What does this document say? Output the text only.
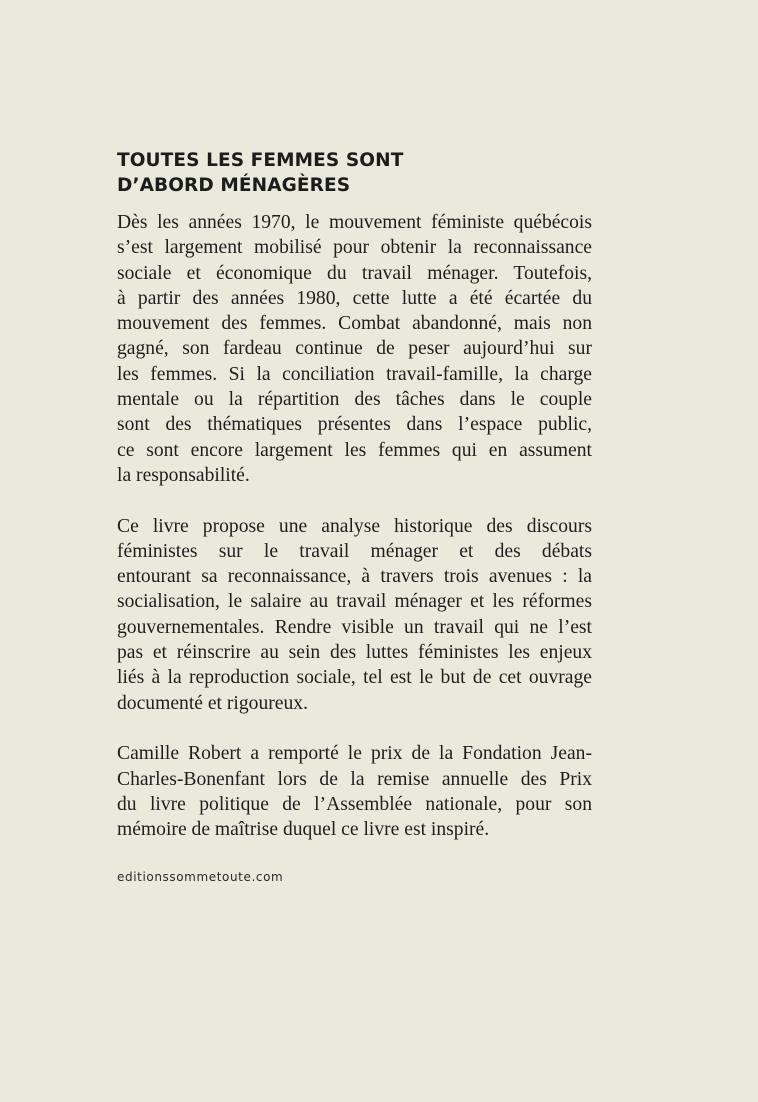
TOUTES LES FEMMES SONT
D’ABORD MÉNAGÈRES
Dès les années 1970, le mouvement féministe québécois
s’est largement mobilisé pour obtenir la reconnaissance
sociale et économique du travail ménager. Toutefois,
à partir des années 1980, cette lutte a été écartée du
mouvement des femmes. Combat abandonné, mais non
gagné, son fardeau continue de peser aujourd’hui sur
les femmes. Si la conciliation travail-famille, la charge
mentale ou la répartition des tâches dans le couple
sont des thématiques présentes dans l’espace public,
ce sont encore largement les femmes qui en assument
la responsabilité.
Ce livre propose une analyse historique des discours
féministes sur le travail ménager et des débats
entourant sa reconnaissance, à travers trois avenues : la
socialisation, le salaire au travail ménager et les réformes
gouvernementales. Rendre visible un travail qui ne l’est
pas et réinscrire au sein des luttes féministes les enjeux
liés à la reproduction sociale, tel est le but de cet ouvrage
documenté et rigoureux.
Camille Robert a remporté le prix de la Fondation Jean-
Charles-Bonenfant lors de la remise annuelle des Prix
du livre politique de l’Assemblée nationale, pour son
mémoire de maîtrise duquel ce livre est inspiré.
editionssommetoute.com
